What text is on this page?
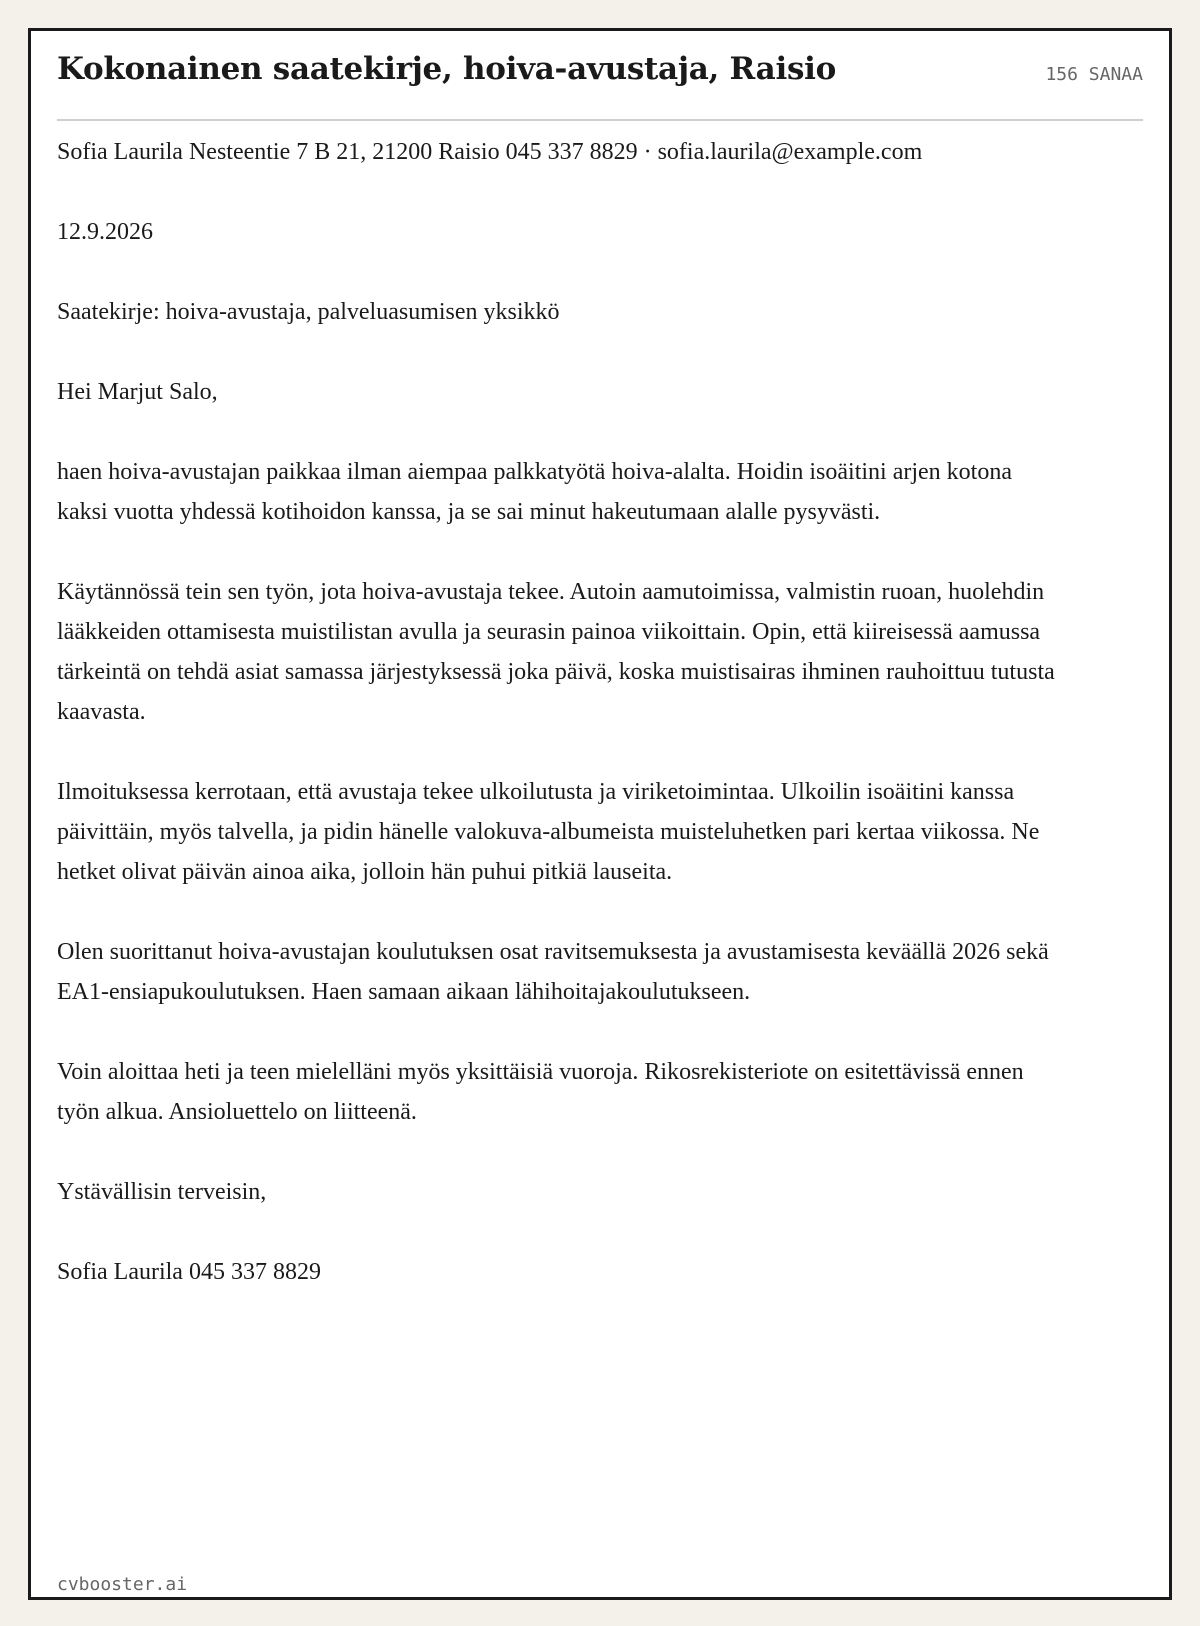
Kokonainen saatekirje, hoiva-avustaja, Raisio	156 SANAA

Sofia Laurila Nesteentie 7 B 21, 21200 Raisio 045 337 8829 · sofia.laurila@example.com

12.9.2026

Saatekirje: hoiva-avustaja, palveluasumisen yksikkö

Hei Marjut Salo,

haen hoiva-avustajan paikkaa ilman aiempaa palkkatyötä hoiva-alalta. Hoidin isoäitini arjen kotona kaksi vuotta yhdessä kotihoidon kanssa, ja se sai minut hakeutumaan alalle pysyvästi.

Käytännössä tein sen työn, jota hoiva-avustaja tekee. Autoin aamutoimissa, valmistin ruoan, huolehdin lääkkeiden ottamisesta muistilistan avulla ja seurasin painoa viikoittain. Opin, että kiireisessä aamussa tärkeintä on tehdä asiat samassa järjestyksessä joka päivä, koska muistisairas ihminen rauhoittuu tutusta kaavasta.

Ilmoituksessa kerrotaan, että avustaja tekee ulkoilutusta ja viriketoimintaa. Ulkoilin isoäitini kanssa päivittäin, myös talvella, ja pidin hänelle valokuva-albumeista muisteluhetken pari kertaa viikossa. Ne hetket olivat päivän ainoa aika, jolloin hän puhui pitkiä lauseita.

Olen suorittanut hoiva-avustajan koulutuksen osat ravitsemuksesta ja avustamisesta keväällä 2026 sekä EA1-ensiapukoulutuksen. Haen samaan aikaan lähihoitajakoulutukseen.

Voin aloittaa heti ja teen mielelläni myös yksittäisiä vuoroja. Rikosrekisteriote on esitettävissä ennen työn alkua. Ansioluettelo on liitteenä.

Ystävällisin terveisin,

Sofia Laurila 045 337 8829

cvbooster.ai
